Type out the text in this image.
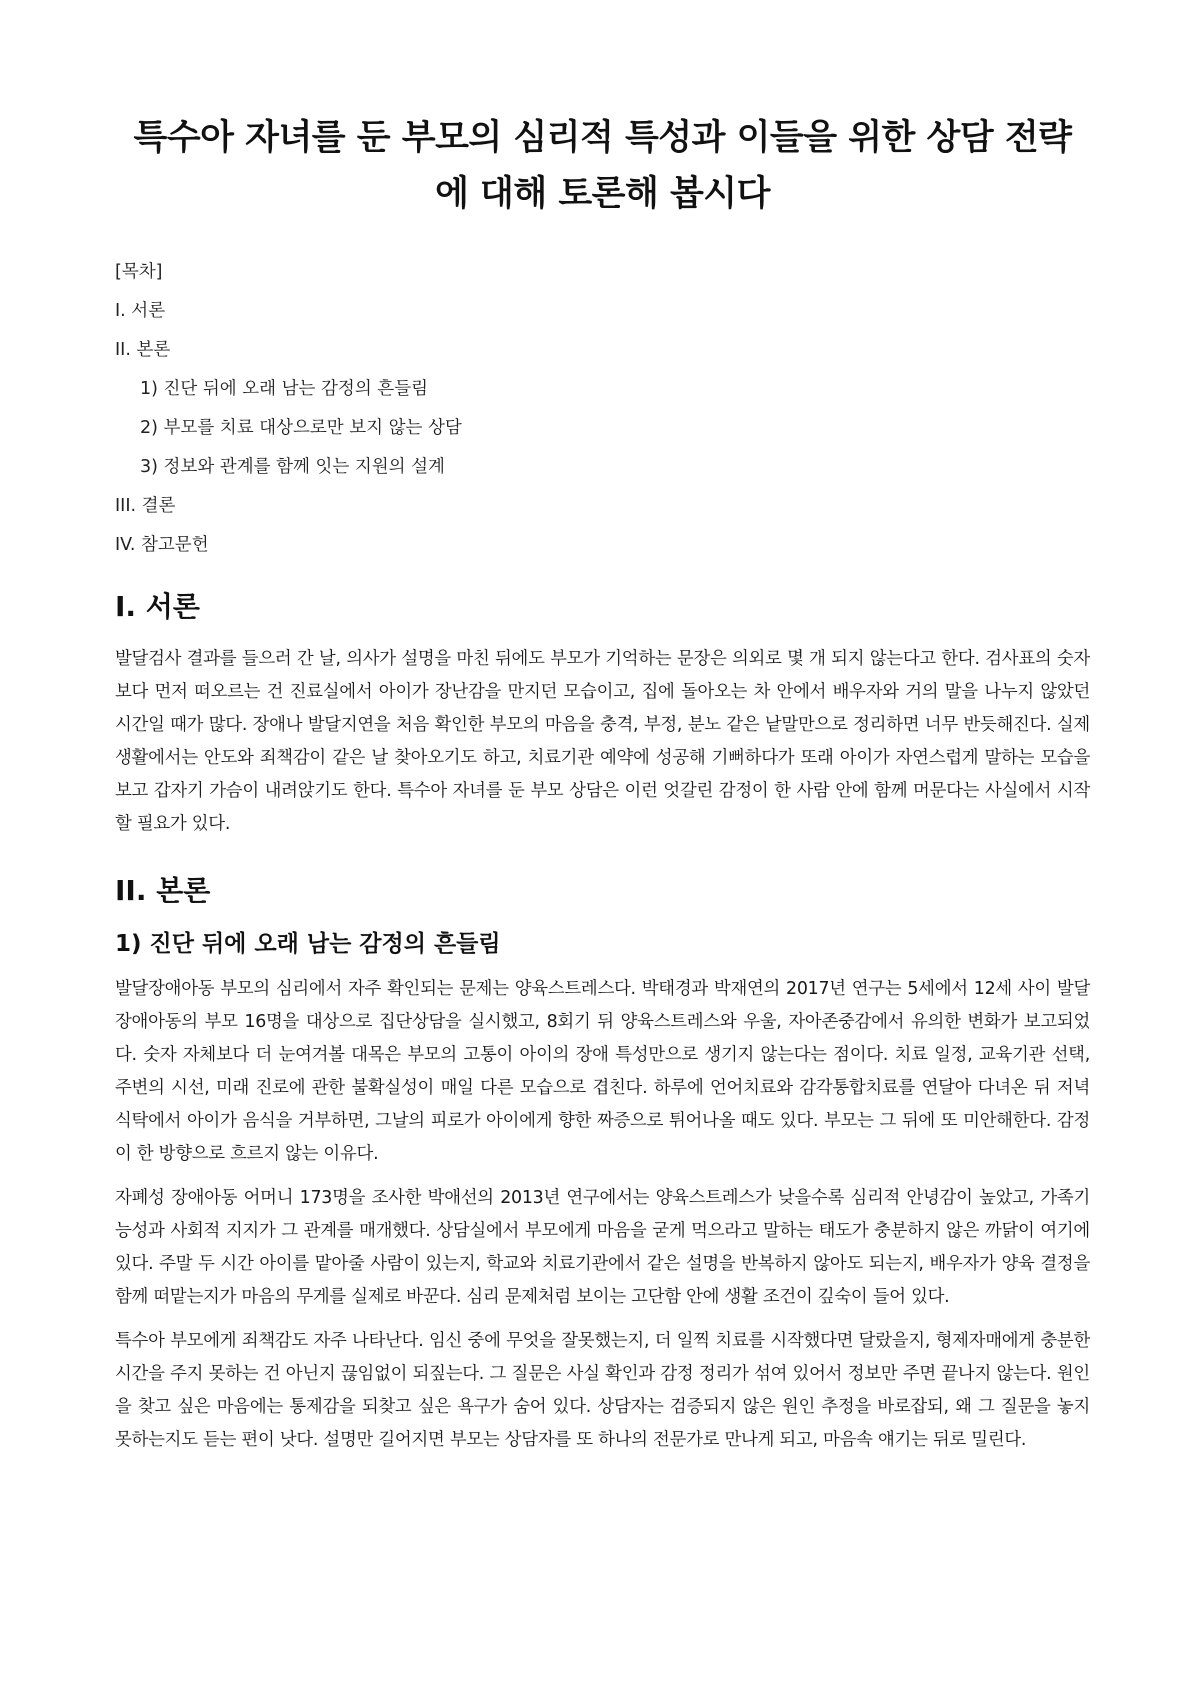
특수아 자녀를 둔 부모의 심리적 특성과 이들을 위한 상담 전략에 대해 토론해 봅시다
[목차]
I. 서론
II. 본론
1) 진단 뒤에 오래 남는 감정의 흔들림
2) 부모를 치료 대상으로만 보지 않는 상담
3) 정보와 관계를 함께 잇는 지원의 설계
III. 결론
IV. 참고문헌
I. 서론

발달검사 결과를 들으러 간 날, 의사가 설명을 마친 뒤에도 부모가 기억하는 문장은 의외로 몇 개 되지 않는다고 한다. 검사표의 숫자보다 먼저 떠오르는 건 진료실에서 아이가 장난감을 만지던 모습이고, 집에 돌아오는 차 안에서 배우자와 거의 말을 나누지 않았던 시간일 때가 많다. 장애나 발달지연을 처음 확인한 부모의 마음을 충격, 부정, 분노 같은 낱말만으로 정리하면 너무 반듯해진다. 실제 생활에서는 안도와 죄책감이 같은 날 찾아오기도 하고, 치료기관 예약에 성공해 기뻐하다가 또래 아이가 자연스럽게 말하는 모습을 보고 갑자기 가슴이 내려앉기도 한다. 특수아 자녀를 둔 부모 상담은 이런 엇갈린 감정이 한 사람 안에 함께 머문다는 사실에서 시작할 필요가 있다.

II. 본론
1) 진단 뒤에 오래 남는 감정의 흔들림

발달장애아동 부모의 심리에서 자주 확인되는 문제는 양육스트레스다. 박태경과 박재연의 2017년 연구는 5세에서 12세 사이 발달장애아동의 부모 16명을 대상으로 집단상담을 실시했고, 8회기 뒤 양육스트레스와 우울, 자아존중감에서 유의한 변화가 보고되었다. 숫자 자체보다 더 눈여겨볼 대목은 부모의 고통이 아이의 장애 특성만으로 생기지 않는다는 점이다. 치료 일정, 교육기관 선택, 주변의 시선, 미래 진로에 관한 불확실성이 매일 다른 모습으로 겹친다. 하루에 언어치료와 감각통합치료를 연달아 다녀온 뒤 저녁 식탁에서 아이가 음식을 거부하면, 그날의 피로가 아이에게 향한 짜증으로 튀어나올 때도 있다. 부모는 그 뒤에 또 미안해한다. 감정이 한 방향으로 흐르지 않는 이유다.

자폐성 장애아동 어머니 173명을 조사한 박애선의 2013년 연구에서는 양육스트레스가 낮을수록 심리적 안녕감이 높았고, 가족기능성과 사회적 지지가 그 관계를 매개했다. 상담실에서 부모에게 마음을 굳게 먹으라고 말하는 태도가 충분하지 않은 까닭이 여기에 있다. 주말 두 시간 아이를 맡아줄 사람이 있는지, 학교와 치료기관에서 같은 설명을 반복하지 않아도 되는지, 배우자가 양육 결정을 함께 떠맡는지가 마음의 무게를 실제로 바꾼다. 심리 문제처럼 보이는 고단함 안에 생활 조건이 깊숙이 들어 있다.

특수아 부모에게 죄책감도 자주 나타난다. 임신 중에 무엇을 잘못했는지, 더 일찍 치료를 시작했다면 달랐을지, 형제자매에게 충분한 시간을 주지 못하는 건 아닌지 끊임없이 되짚는다. 그 질문은 사실 확인과 감정 정리가 섞여 있어서 정보만 주면 끝나지 않는다. 원인을 찾고 싶은 마음에는 통제감을 되찾고 싶은 욕구가 숨어 있다. 상담자는 검증되지 않은 원인 추정을 바로잡되, 왜 그 질문을 놓지 못하는지도 듣는 편이 낫다. 설명만 길어지면 부모는 상담자를 또 하나의 전문가로 만나게 되고, 마음속 얘기는 뒤로 밀린다.
